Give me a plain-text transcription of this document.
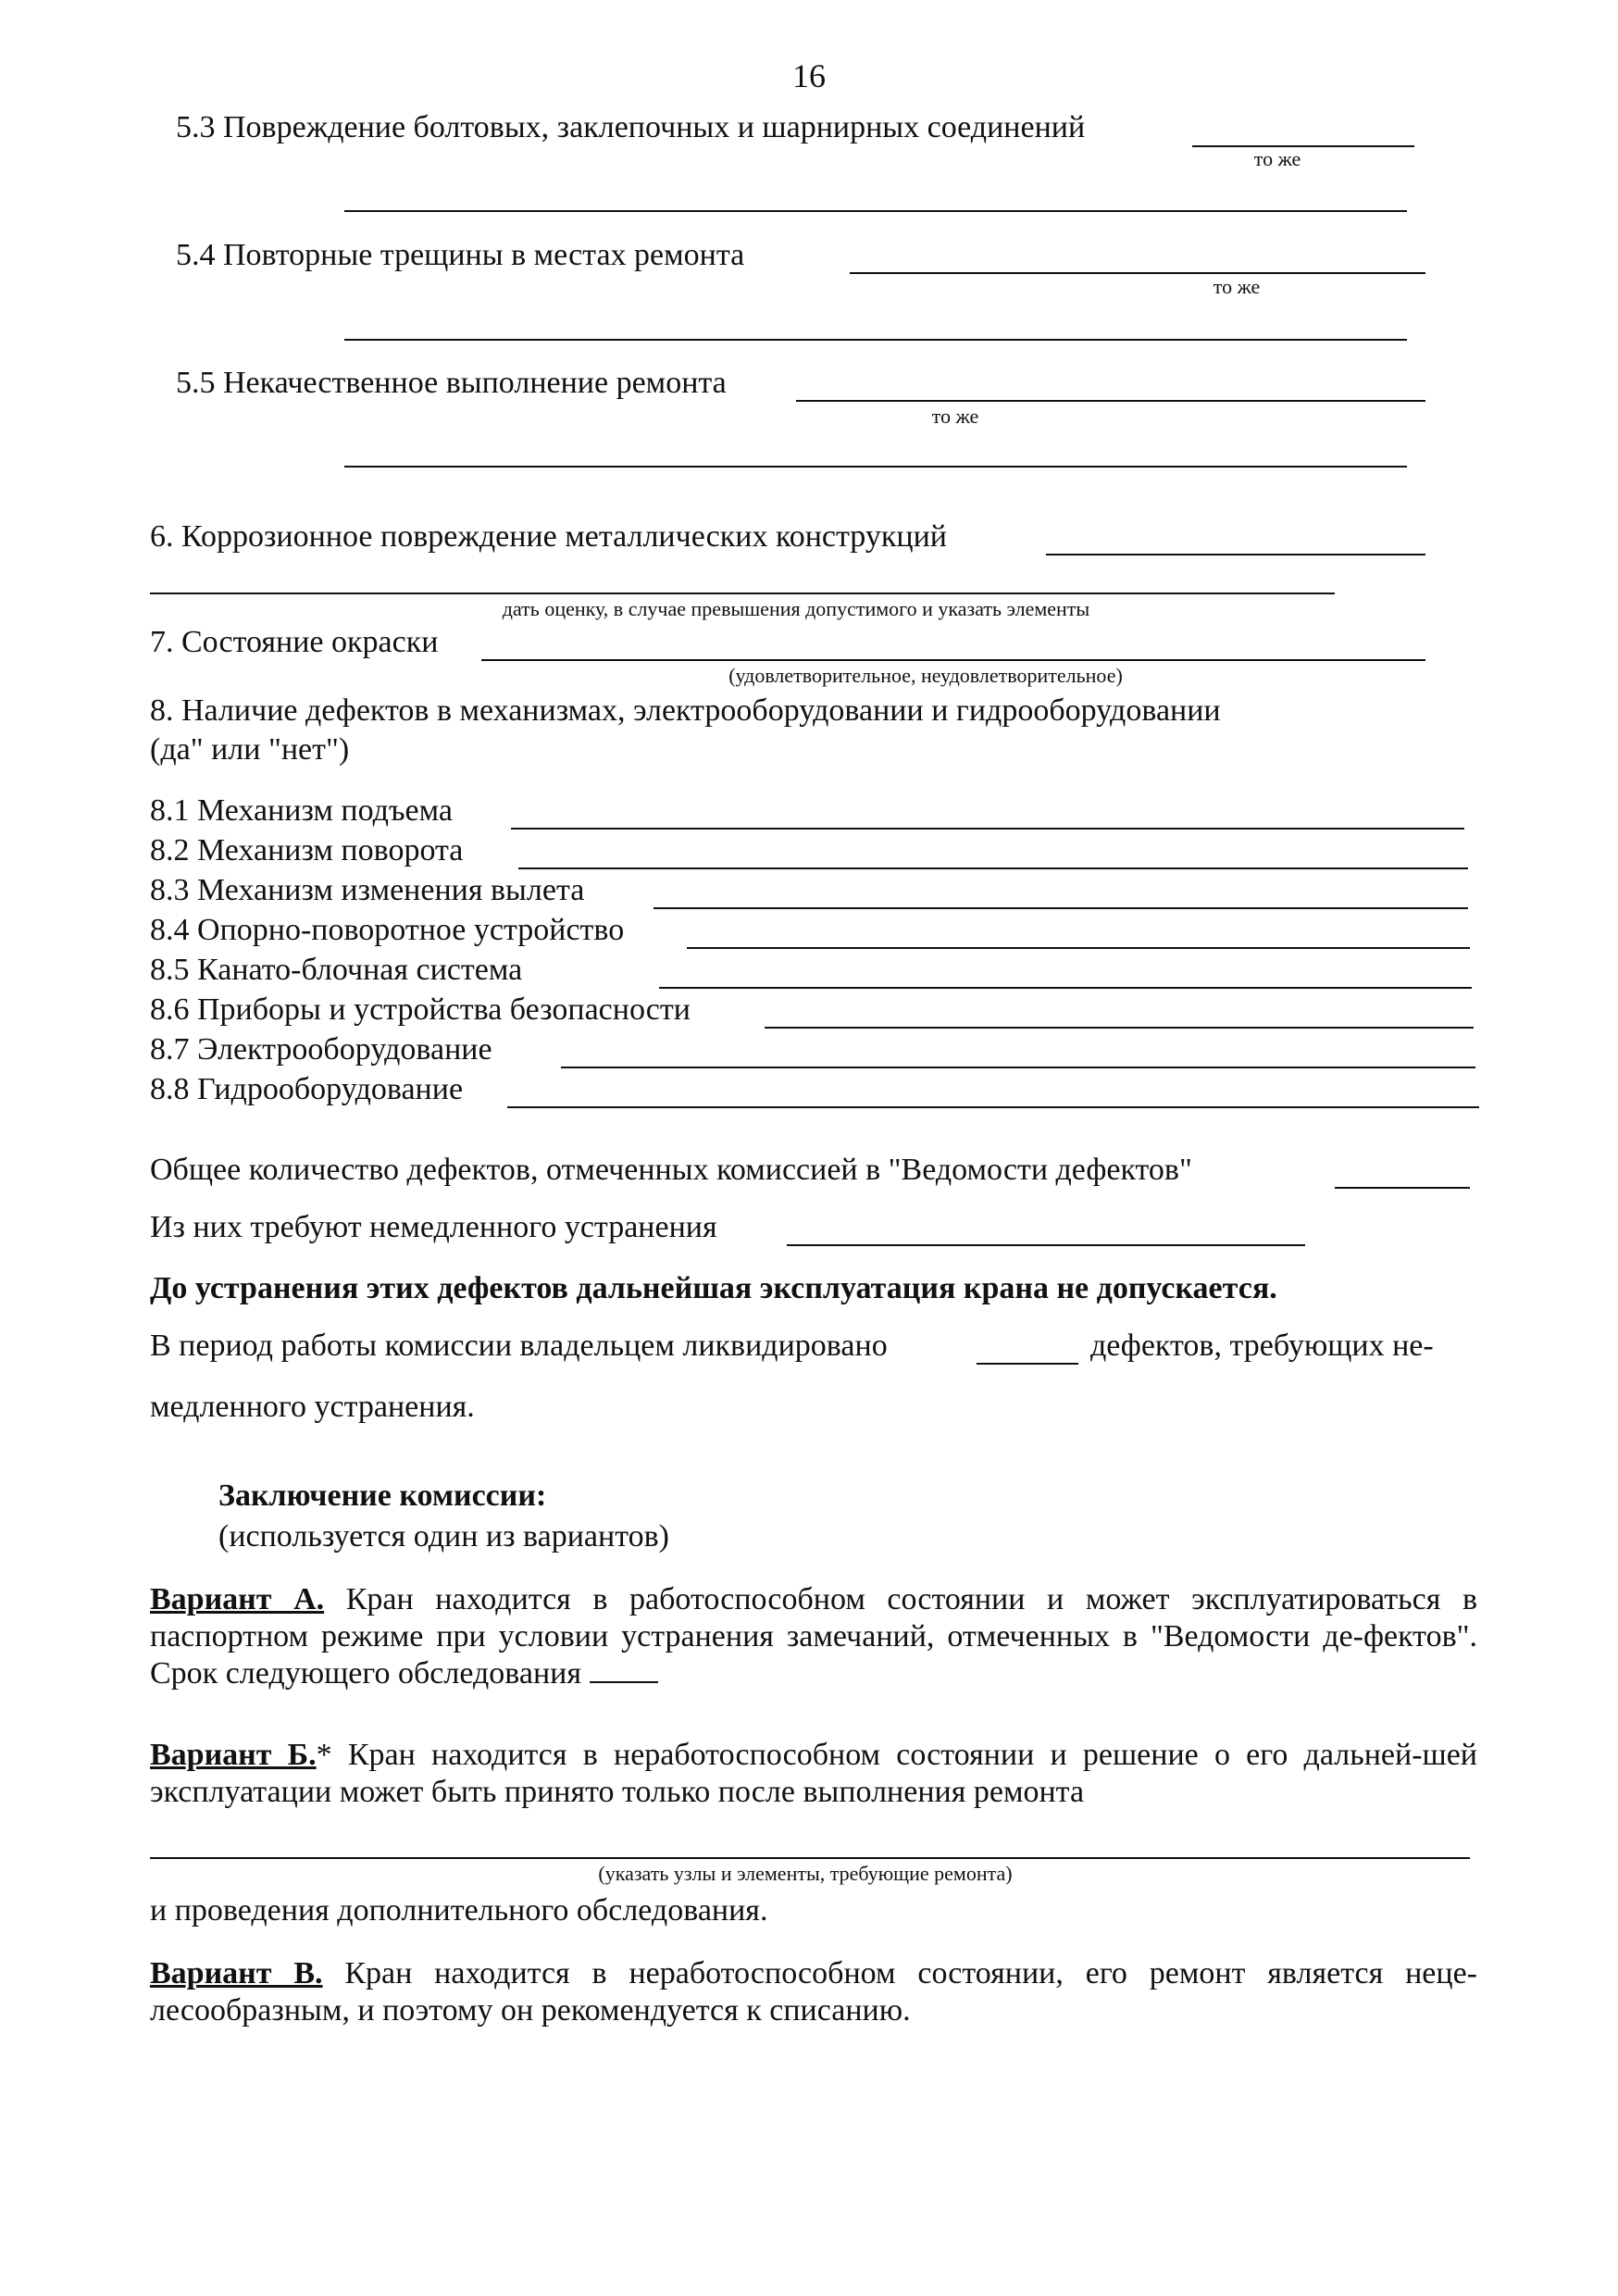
16
5.3 Повреждение болтовых, заклепочных и шарнирных соединений
то же
5.4 Повторные трещины в местах ремонта
то же
5.5 Некачественное выполнение ремонта
то же
6. Коррозионное повреждение металлических конструкций
дать оценку, в случае превышения допустимого и указать элементы
7. Состояние окраски
(удовлетворительное, неудовлетворительное)
8. Наличие дефектов в механизмах, электрооборудовании и гидрооборудовании
(да" или "нет")
8.1 Механизм подъема
8.2 Механизм поворота
8.3 Механизм изменения вылета
8.4 Опорно-поворотное устройство
8.5 Канато-блочная система
8.6 Приборы и устройства безопасности
8.7 Электрооборудование
8.8 Гидрооборудование
Общее количество дефектов, отмеченных комиссией в "Ведомости дефектов"
Из них требуют немедленного устранения
До устранения этих дефектов дальнейшая эксплуатация крана не допускается.
В период работы комиссии владельцем ликвидировано	дефектов, требующих не-
медленного устранения.
Заключение комиссии:
(используется один из вариантов)
Вариант А. Кран находится в работоспособном состоянии и может эксплуатироваться в паспортном режиме при условии устранения замечаний, отмеченных в "Ведомости де-фектов". Срок следующего обследования
Вариант Б.* Кран находится в неработоспособном состоянии и решение о его дальней-шей эксплуатации может быть принято только после выполнения ремонта
(указать узлы и элементы, требующие ремонта)
и проведения дополнительного обследования.
Вариант В. Кран находится в неработоспособном состоянии, его ремонт является неце-лесообразным, и поэтому он рекомендуется к списанию.
